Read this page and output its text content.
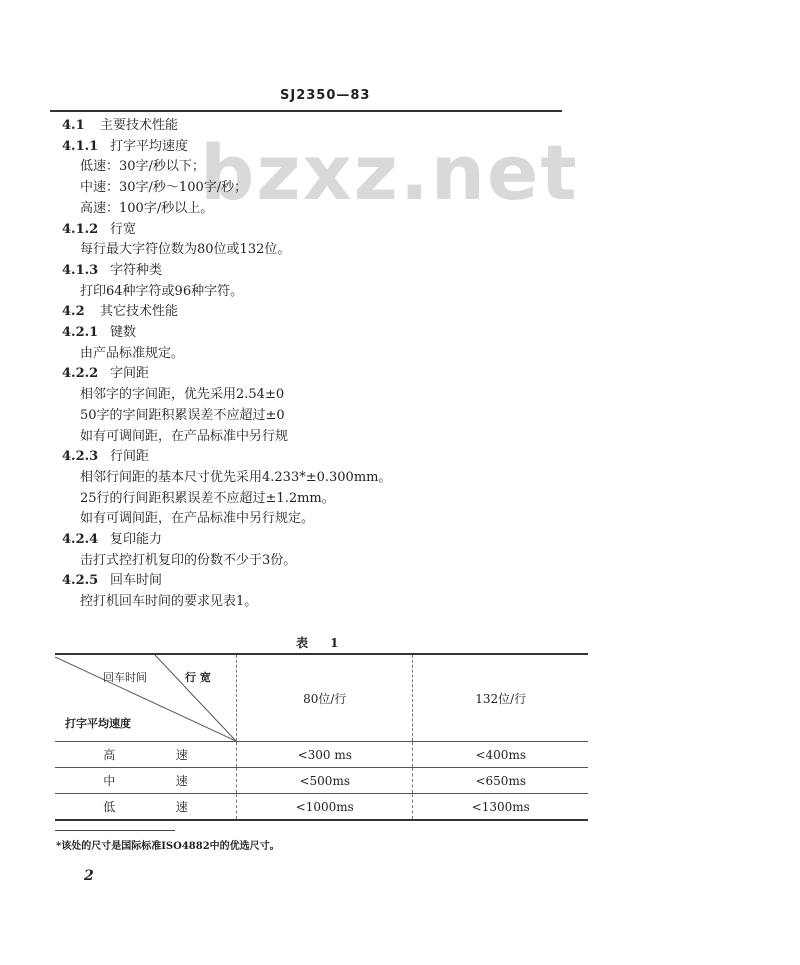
SJ2350—83
bzxz.net
4.1 主要技术性能
4.1.1 打字平均速度
低速：30字/秒以下；
中速：30字/秒～100字/秒；
高速：100字/秒以上。
4.1.2 行宽
每行最大字符位数为80位或132位。
4.1.3 字符种类
打印64种字符或96种字符。
4.2 其它技术性能
4.2.1 键数
由产品标准规定。
4.2.2 字间距
相邻字的字间距，优先采用2.54±0
50字的字间距积累误差不应超过±0
如有可调间距，在产品标准中另行规
4.2.3 行间距
相邻行间距的基本尺寸优先采用4.233*±0.300mm。
25行的行间距积累误差不应超过±1.2mm。
如有可调间距，在产品标准中另行规定。
4.2.4 复印能力
击打式控打机复印的份数不少于3份。
4.2.5 回车时间
控打机回车时间的要求见表1。
表 1
回车时间 行 宽
打字平均速度	80位/行	132位/行

高 速	<300 ms	<400ms

中 速	<500ms	<650ms

低 速	<1000ms	<1300ms
*该处的尺寸是国际标准ISO4882中的优选尺寸。
2
